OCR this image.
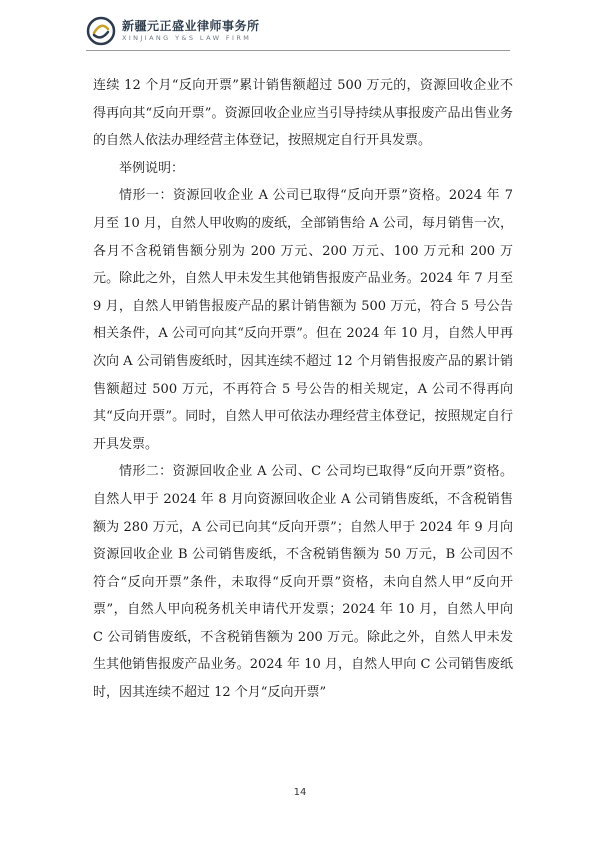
新疆元正盛业律师事务所
XINJIANG Y&S LAW FIRM

连续 12 个月“反向开票”累计销售额超过 500 万元的，资源回收企业不得再向其“反向开票”。资源回收企业应当引导持续从事报废产品出售业务的自然人依法办理经营主体登记，按照规定自行开具发票。

举例说明：

情形一：资源回收企业 A 公司已取得“反向开票”资格。2024 年 7 月至 10 月，自然人甲收购的废纸，全部销售给 A 公司，每月销售一次，各月不含税销售额分别为 200 万元、200 万元、100 万元和 200 万元。除此之外，自然人甲未发生其他销售报废产品业务。2024 年 7 月至 9 月，自然人甲销售报废产品的累计销售额为 500 万元，符合 5 号公告相关条件，A 公司可向其“反向开票”。但在 2024 年 10 月，自然人甲再次向 A 公司销售废纸时，因其连续不超过 12 个月销售报废产品的累计销售额超过 500 万元，不再符合 5 号公告的相关规定，A 公司不得再向其“反向开票”。同时，自然人甲可依法办理经营主体登记，按照规定自行开具发票。

情形二：资源回收企业 A 公司、C 公司均已取得“反向开票”资格。自然人甲于 2024 年 8 月向资源回收企业 A 公司销售废纸，不含税销售额为 280 万元，A 公司已向其“反向开票”；自然人甲于 2024 年 9 月向资源回收企业 B 公司销售废纸，不含税销售额为 50 万元，B 公司因不符合“反向开票”条件，未取得“反向开票”资格，未向自然人甲“反向开票”，自然人甲向税务机关申请代开发票；2024 年 10 月，自然人甲向 C 公司销售废纸，不含税销售额为 200 万元。除此之外，自然人甲未发生其他销售报废产品业务。2024 年 10 月，自然人甲向 C 公司销售废纸时，因其连续不超过 12 个月“反向开票”

14
